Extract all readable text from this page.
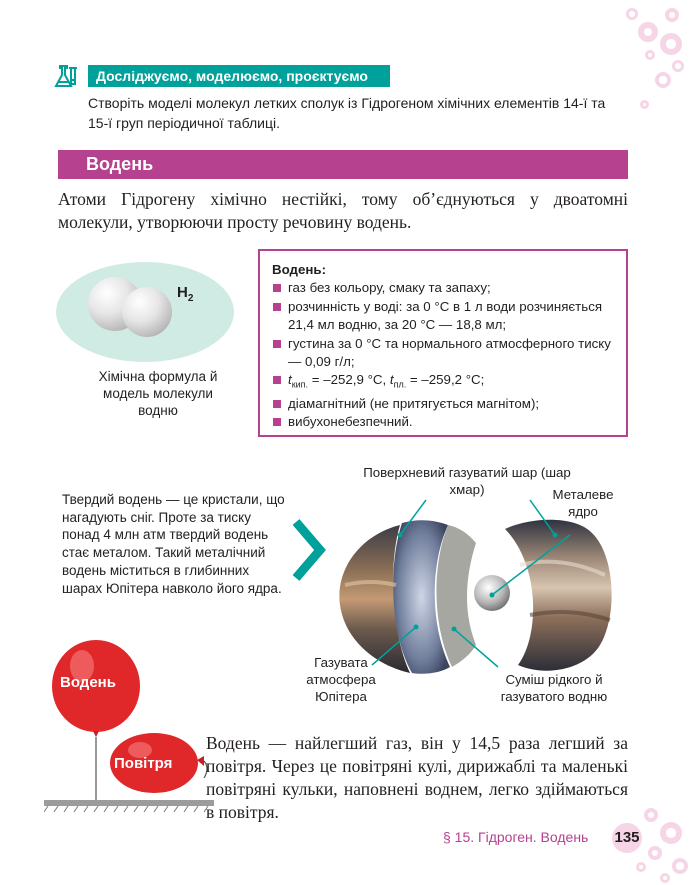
Досліджуємо, моделюємо, проєктуємо
Створіть моделі молекул летких сполук із Гідрогеном хімічних елементів 14-ї та 15-ї груп періодичної таблиці.
Водень
Атоми Гідрогену хімічно нестійкі, тому об’єднуються у двоатомні молекули, утворюючи просту речовину водень.
$H_2$
Хімічна формула й модель молекули водню
Водень:
газ без кольору, смаку та запаху;
розчинність у воді: за 0 °C в 1 л води розчиняється 21,4 мл водню, за 20 °C — 18,8 мл;
густина за 0 °C та нормального атмосферного тиску — 0,09 г/л;
$t_{кип.} = -252,9$ °C, $t_{пл.} = -259,2$ °C;
діамагнітний (не притягується магнітом);
вибухонебезпечний.
Твердий водень — це кристали, що нагадують сніг. Проте за тиску понад 4 млн атм твердий водень стає металом. Такий металічний водень міститься в глибинних шарах Юпітера навколо його ядра.
Поверхневий газуватий шар (шар хмар)	Металеве ядро
Газувата атмосфера Юпітера
Суміш рідкого й газуватого водню
Водень
Повітря
Водень — найлегший газ, він у 14,5 раза легший за повітря. Через це повітряні кулі, дирижаблі та маленькі повітряні кульки, наповнені воднем, легко здіймаються в повітря.
§ 15. Гідроген. Водень 135
